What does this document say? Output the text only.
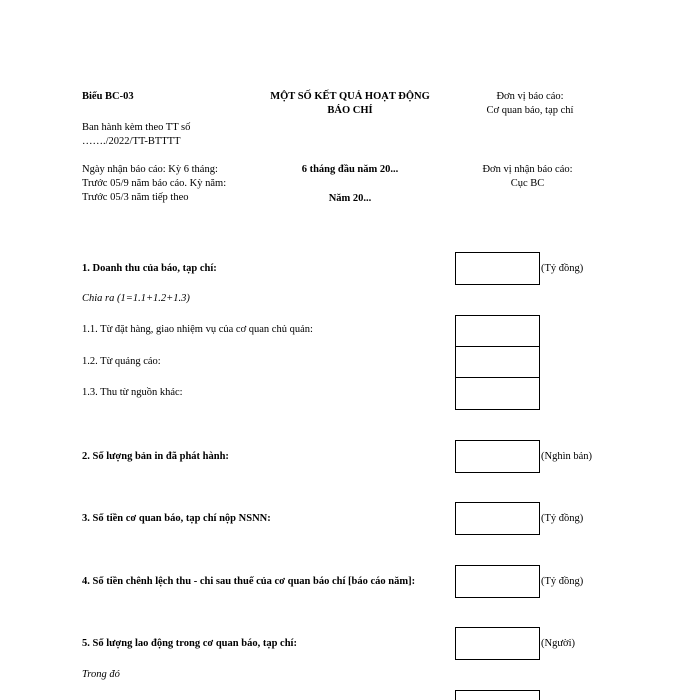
Biểu BC-03	MỘT SỐ KẾT QUẢ HOẠT ĐỘNG
BÁO CHÍ
Đơn vị báo cáo:
Cơ quan báo, tạp chí
Ban hành kèm theo TT số
……./2022/TT-BTTTT
Ngày nhận báo cáo: Kỳ 6 tháng:
Trước 05/9 năm báo cáo. Kỳ năm:
Trước 05/3 năm tiếp theo
6 tháng đầu năm 20...
Năm 20...
Đơn vị nhận báo cáo:
Cục BC
1. Doanh thu của báo, tạp chí:	(Tỷ đồng)
Chia ra (1=1.1+1.2+1.3)
1.1. Từ đặt hàng, giao nhiệm vụ của cơ quan chủ quản:
1.2. Từ quảng cáo:
1.3. Thu từ nguồn khác:
2. Số lượng bản in đã phát hành:	(Nghìn bản)
3. Số tiền cơ quan báo, tạp chí nộp NSNN:	(Tỷ đồng)
4. Số tiền chênh lệch thu - chi sau thuế của cơ quan báo chí [báo cáo năm]:	(Tỷ đồng)
5. Số lượng lao động trong cơ quan báo, tạp chí:	(Người)
Trong đó
